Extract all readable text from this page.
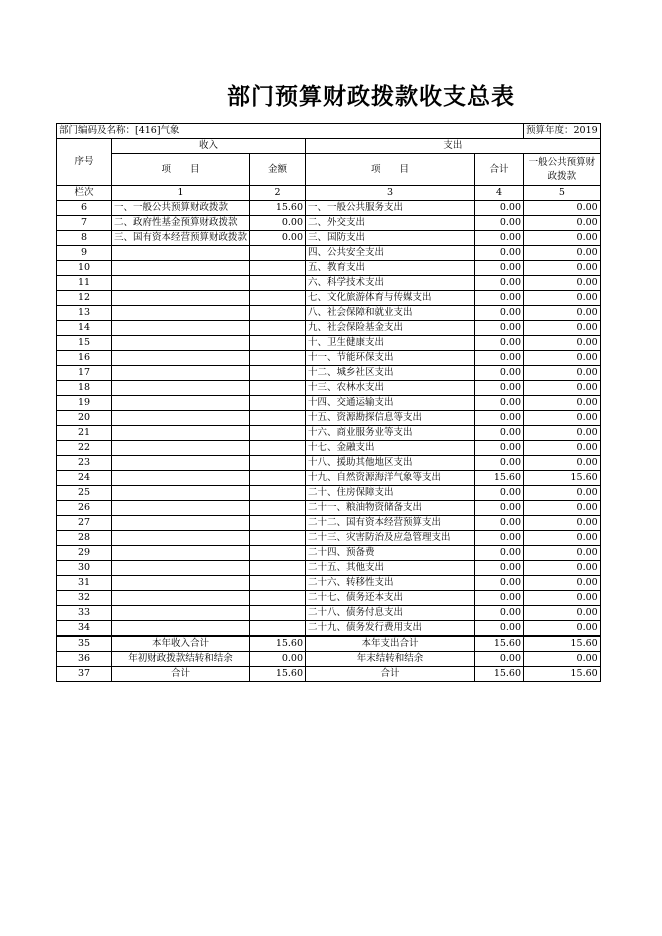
部门预算财政拨款收支总表
部门编码及名称：[416]气象					预算年度：2019
序号	收入		支出		
	项　　目	金额	项　　目	合计	一般公共预算财政拨款
栏次	1	2	3	4	5
6	一、一般公共预算财政拨款	15.60	一、一般公共服务支出	0.00	0.00
7	二、政府性基金预算财政拨款	0.00	二、外交支出	0.00	0.00
8	三、国有资本经营预算财政拨款	0.00	三、国防支出	0.00	0.00
9			四、公共安全支出	0.00	0.00
10			五、教育支出	0.00	0.00
11			六、科学技术支出	0.00	0.00
12			七、文化旅游体育与传媒支出	0.00	0.00
13			八、社会保障和就业支出	0.00	0.00
14			九、社会保险基金支出	0.00	0.00
15			十、卫生健康支出	0.00	0.00
16			十一、节能环保支出	0.00	0.00
17			十二、城乡社区支出	0.00	0.00
18			十三、农林水支出	0.00	0.00
19			十四、交通运输支出	0.00	0.00
20			十五、资源勘探信息等支出	0.00	0.00
21			十六、商业服务业等支出	0.00	0.00
22			十七、金融支出	0.00	0.00
23			十八、援助其他地区支出	0.00	0.00
24			十九、自然资源海洋气象等支出	15.60	15.60
25			二十、住房保障支出	0.00	0.00
26			二十一、粮油物资储备支出	0.00	0.00
27			二十二、国有资本经营预算支出	0.00	0.00
28			二十三、灾害防治及应急管理支出	0.00	0.00
29			二十四、预备费	0.00	0.00
30			二十五、其他支出	0.00	0.00
31			二十六、转移性支出	0.00	0.00
32			二十七、债务还本支出	0.00	0.00
33			二十八、债务付息支出	0.00	0.00
34			二十九、债务发行费用支出	0.00	0.00
35	本年收入合计	15.60	本年支出合计	15.60	15.60
36	年初财政拨款结转和结余	0.00	年末结转和结余	0.00	0.00
37	合计	15.60	合计	15.60	15.60
